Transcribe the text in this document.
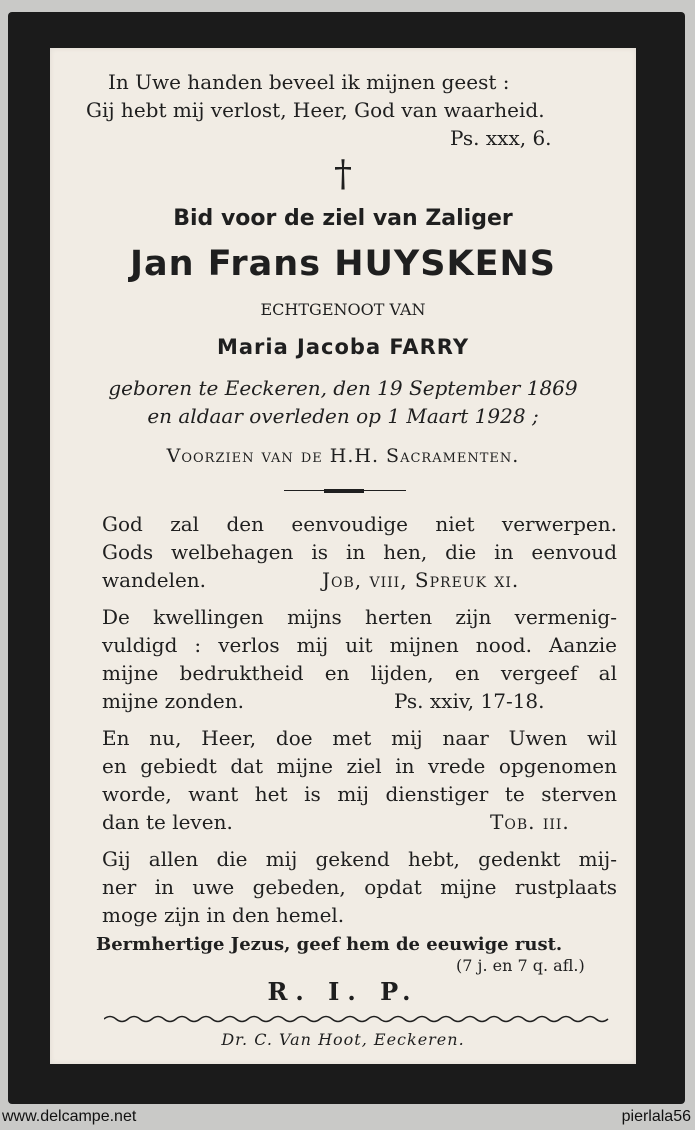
In Uwe handen beveel ik mijnen geest :

Gij hebt mij verlost, Heer, God van waarheid.

Ps. xxx, 6.

†

Bid voor de ziel van Zaliger

Jan Frans HUYSKENS

ECHTGENOOT VAN

Maria Jacoba FARRY

geboren te Eeckeren, den 19 September 1869

en aldaar overleden op 1 Maart 1928 ;

Voorzien van de H.H. Sacramenten.

God zal den eenvoudige niet verwerpen.

Gods welbehagen is in hen, die in eenvoud

wandelen.	Job, viii, Spreuk xi.

De kwellingen mijns herten zijn vermenig-

vuldigd : verlos mij uit mijnen nood. Aanzie

mijne bedruktheid en lijden, en vergeef al

mijne zonden.	Ps. xxiv, 17-18.

En nu, Heer, doe met mij naar Uwen wil

en gebiedt dat mijne ziel in vrede opgenomen

worde, want het is mij dienstiger te sterven

dan te leven.	Tob. iii.

Gij allen die mij gekend hebt, gedenkt mij-

ner in uwe gebeden, opdat mijne rustplaats

moge zijn in den hemel.

Bermhertige Jezus, geef hem de eeuwige rust.

(7 j. en 7 q. afl.)

R. I. P.

Dr. C. Van Hoot, Eeckeren.

www.delcampe.net	pierlala56
